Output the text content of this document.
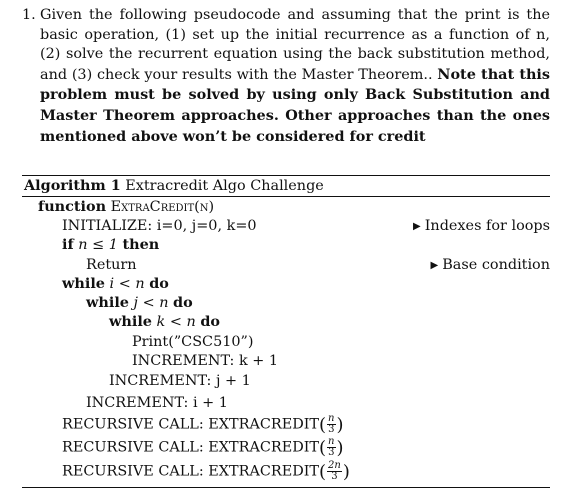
1. Given the following pseudocode and assuming that the print is the basic operation, (1) set up the initial recurrence as a function of n, (2) solve the recurrent equation using the back substitution method, and (3) check your results with the Master Theorem.. Note that this problem must be solved by using only Back Substitution and Master Theorem approaches. Other approaches than the ones mentioned above won’t be considered for credit
Algorithm 1 Extracredit Algo Challenge
function ExtraCredit(n)
INITIALIZE: i=0, j=0, k=0	▶ Indexes for loops
if n ≤ 1 then
Return	▶ Base condition
while i < n do
while j < n do
while k < n do
Print(”CSC510”)
INCREMENT: k + 1
INCREMENT: j + 1
INCREMENT: i + 1
RECURSIVE CALL: EXTRACREDIT( $\frac{n}{3}$ )
RECURSIVE CALL: EXTRACREDIT( $\frac{n}{3}$ )
RECURSIVE CALL: EXTRACREDIT( $\frac{2n}{3}$ )
